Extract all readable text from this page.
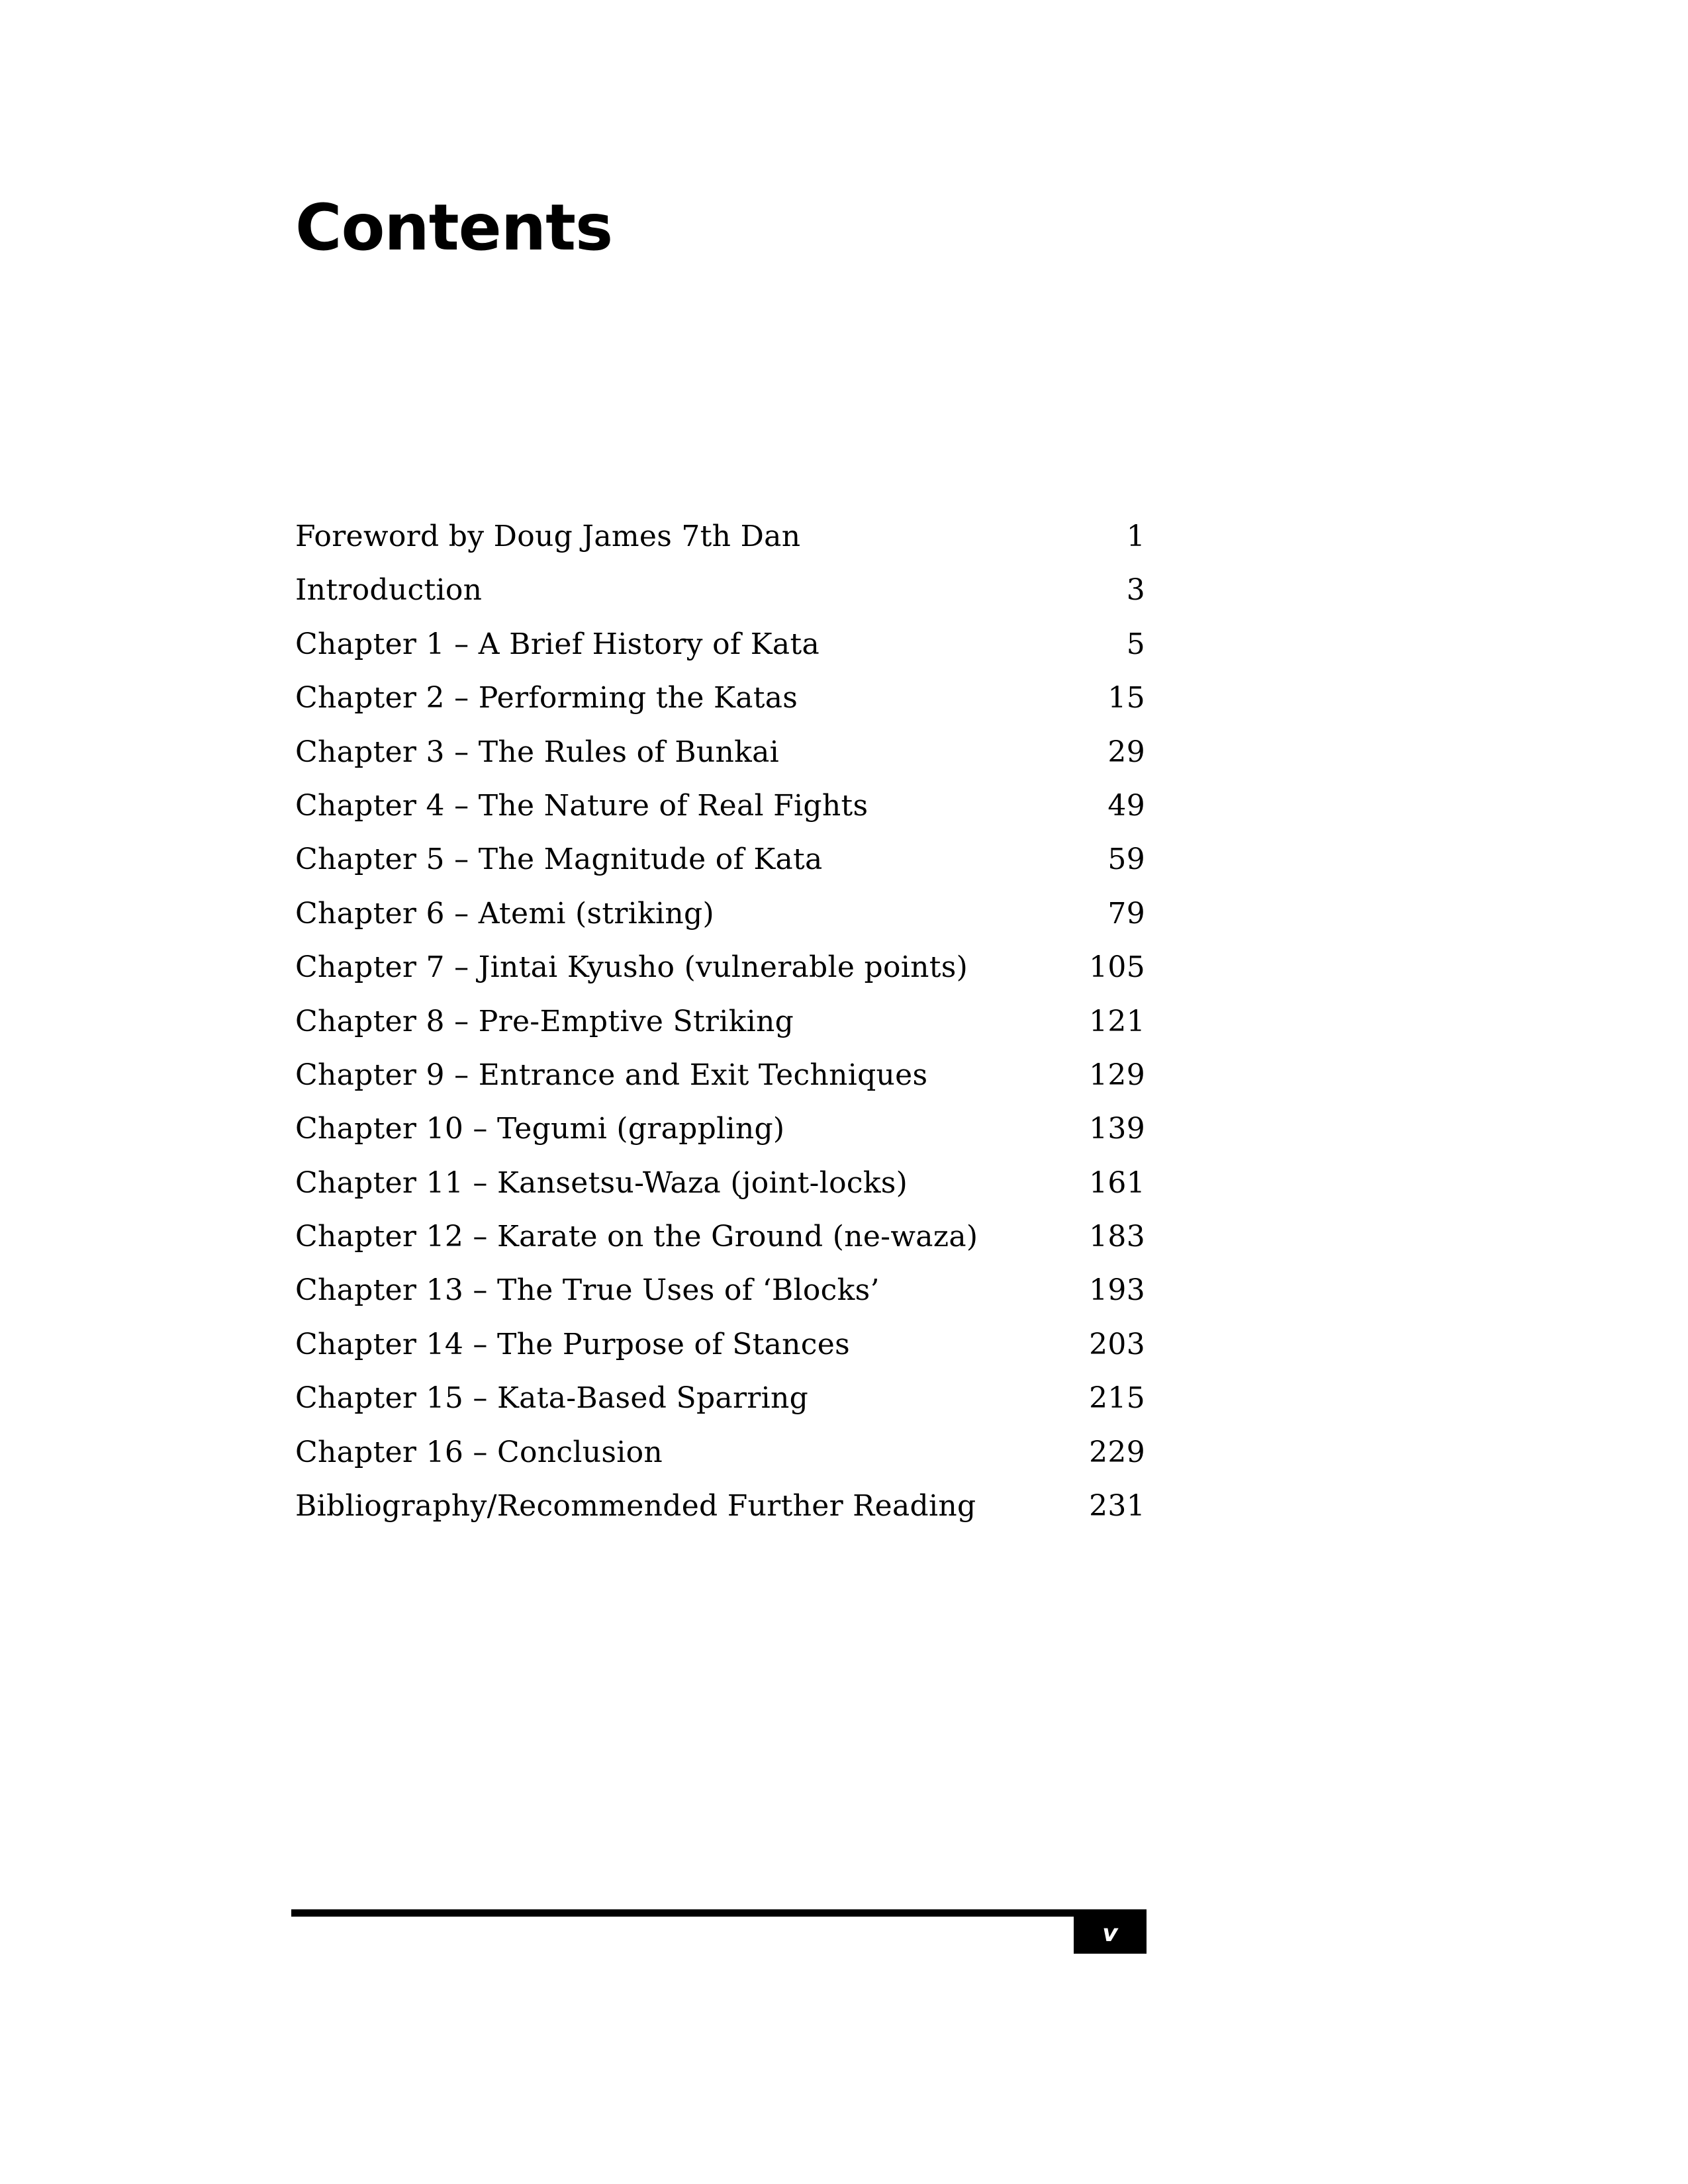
Contents
Foreword by Doug James 7th Dan	1
Introduction	3
Chapter 1 – A Brief History of Kata	5
Chapter 2 – Performing the Katas	15
Chapter 3 – The Rules of Bunkai	29
Chapter 4 – The Nature of Real Fights	49
Chapter 5 – The Magnitude of Kata	59
Chapter 6 – Atemi (striking)	79
Chapter 7 – Jintai Kyusho (vulnerable points)	105
Chapter 8 – Pre-Emptive Striking	121
Chapter 9 – Entrance and Exit Techniques	129
Chapter 10 – Tegumi (grappling)	139
Chapter 11 – Kansetsu-Waza (joint-locks)	161
Chapter 12 – Karate on the Ground (ne-waza)	183
Chapter 13 – The True Uses of ‘Blocks’	193
Chapter 14 – The Purpose of Stances	203
Chapter 15 – Kata-Based Sparring	215
Chapter 16 – Conclusion	229
Bibliography/Recommended Further Reading	231
v
